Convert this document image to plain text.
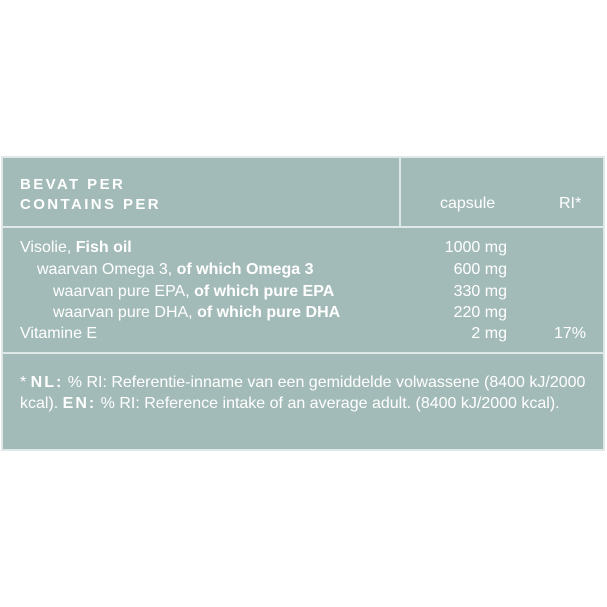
BEVAT PER
CONTAINS PER	capsule	RI*
Visolie, Fish oil	1000 mg
waarvan Omega 3, of which Omega 3	600 mg
waarvan pure EPA, of which pure EPA	330 mg
waarvan pure DHA, of which pure DHA	220 mg
Vitamine E	2 mg	17%
* NL: % RI: Referentie-inname van een gemiddelde volwassene (8400 kJ/2000 kcal). EN: % RI: Reference intake of an average adult. (8400 kJ/2000 kcal).
